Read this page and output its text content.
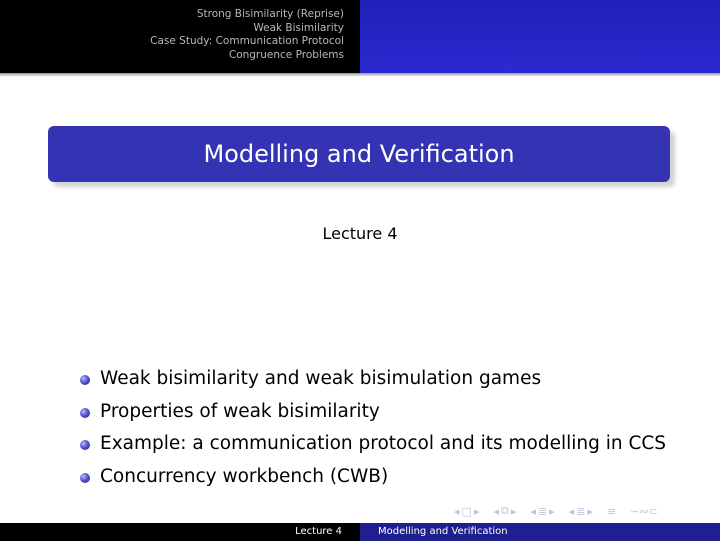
Strong Bisimilarity (Reprise)
Weak Bisimilarity
Case Study: Communication Protocol
Congruence Problems
Modelling and Verification
Lecture 4
Weak bisimilarity and weak bisimulation games
Properties of weak bisimilarity
Example: a communication protocol and its modelling in CCS
Concurrency workbench (CWB)
◂ □ ▸ ◂ ⧉ ▸ ◂ ≣ ▸ ◂ ≣ ▸ ≡ ∽∾⊂
Lecture 4	Modelling and Verification
